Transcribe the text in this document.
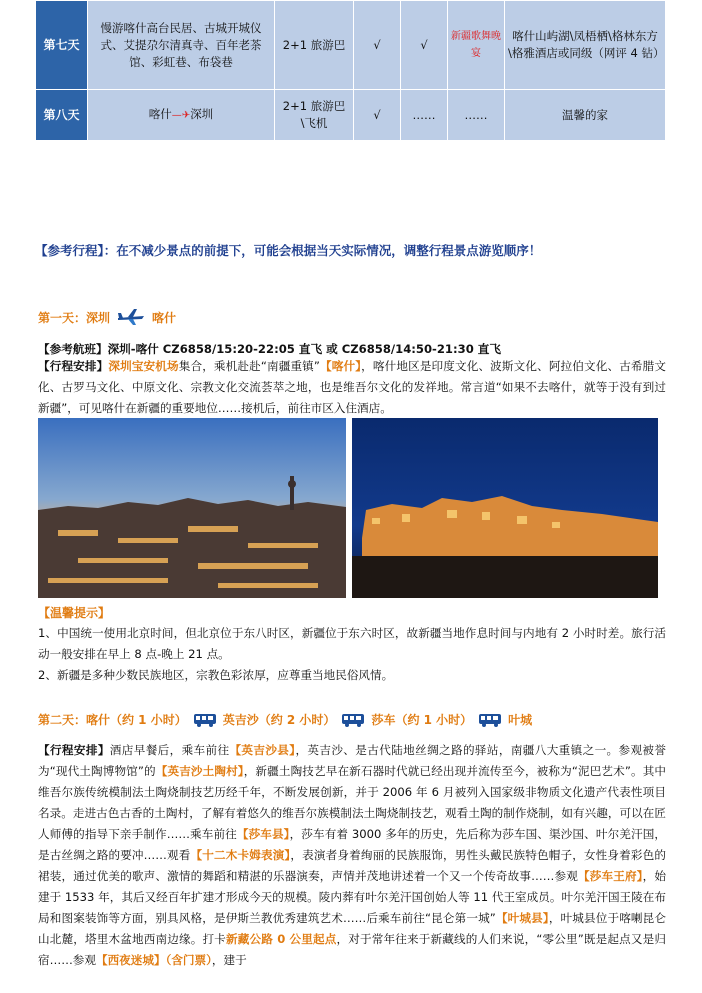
第七天	慢游喀什高台民居、古城开城仪式、艾提尕尔清真寺、百年老茶馆、彩虹巷、布袋巷	2+1 旅游巴	√	√	新疆歌舞晚宴	喀什山屿湖\凤梧栖\格林东方\格雅酒店或同级（网评 4 钻）
第八天	喀什—✈深圳	2+1 旅游巴\飞机	√	……	……	温馨的家
【参考行程】：在不减少景点的前提下，可能会根据当天实际情况，调整行程景点游览顺序！
第一天：深圳	喀什
【参考航班】深圳-喀什 CZ6858/15:20-22:05 直飞 或 CZ6858/14:50-21:30 直飞
【行程安排】深圳宝安机场集合，乘机赴赴“南疆重镇”【喀什】，喀什地区是印度文化、波斯文化、阿拉伯文化、古希腊文化、古罗马文化、中原文化、宗教文化交流荟萃之地，也是维吾尔文化的发祥地。常言道“如果不去喀什，就等于没有到过新疆”，可见喀什在新疆的重要地位……接机后，前往市区入住酒店。
【温馨提示】
1、中国统一使用北京时间，但北京位于东八时区，新疆位于东六时区，故新疆当地作息时间与内地有 2 小时时差。旅行活动一般安排在早上 8 点-晚上 21 点。
2、新疆是多种少数民族地区，宗教色彩浓厚，应尊重当地民俗风情。
第二天：喀什（约 1 小时）	英吉沙（约 2 小时）	莎车（约 1 小时）	叶城
【行程安排】酒店早餐后，乘车前往【英吉沙县】，英吉沙、是古代陆地丝绸之路的驿站，南疆八大重镇之一。参观被誉为“现代土陶博物馆”的【英吉沙土陶村】，新疆土陶技艺早在新石器时代就已经出现并流传至今，被称为“泥巴艺术”。其中维吾尔族传统模制法土陶烧制技艺历经千年，不断发展创新，并于 2006 年 6 月被列入国家级非物质文化遗产代表性项目名录。走进古色古香的土陶村，了解有着悠久的维吾尔族模制法土陶烧制技艺，观看土陶的制作烧制，如有兴趣，可以在匠人师傅的指导下亲手制作……乘车前往【莎车县】，莎车有着 3000 多年的历史，先后称为莎车国、渠沙国、叶尔羌汗国，是古丝绸之路的要冲……观看【十二木卡姆表演】，表演者身着绚丽的民族服饰，男性头戴民族特色帽子，女性身着彩色的裙装，通过优美的歌声、激情的舞蹈和精湛的乐器演奏，声情并茂地讲述着一个又一个传奇故事……参观【莎车王府】，始建于 1533 年，其后又经百年扩建才形成今天的规模。陵内葬有叶尔羌汗国创始人等 11 代王室成员。叶尔羌汗国王陵在布局和图案装饰等方面，别具风格，是伊斯兰教优秀建筑艺术……后乘车前往“昆仑第一城”【叶城县】，叶城县位于喀喇昆仑山北麓，塔里木盆地西南边缘。打卡新藏公路 0 公里起点，对于常年往来于新藏线的人们来说，“零公里”既是起点又是归宿……参观【西夜迷城】（含门票），建于
